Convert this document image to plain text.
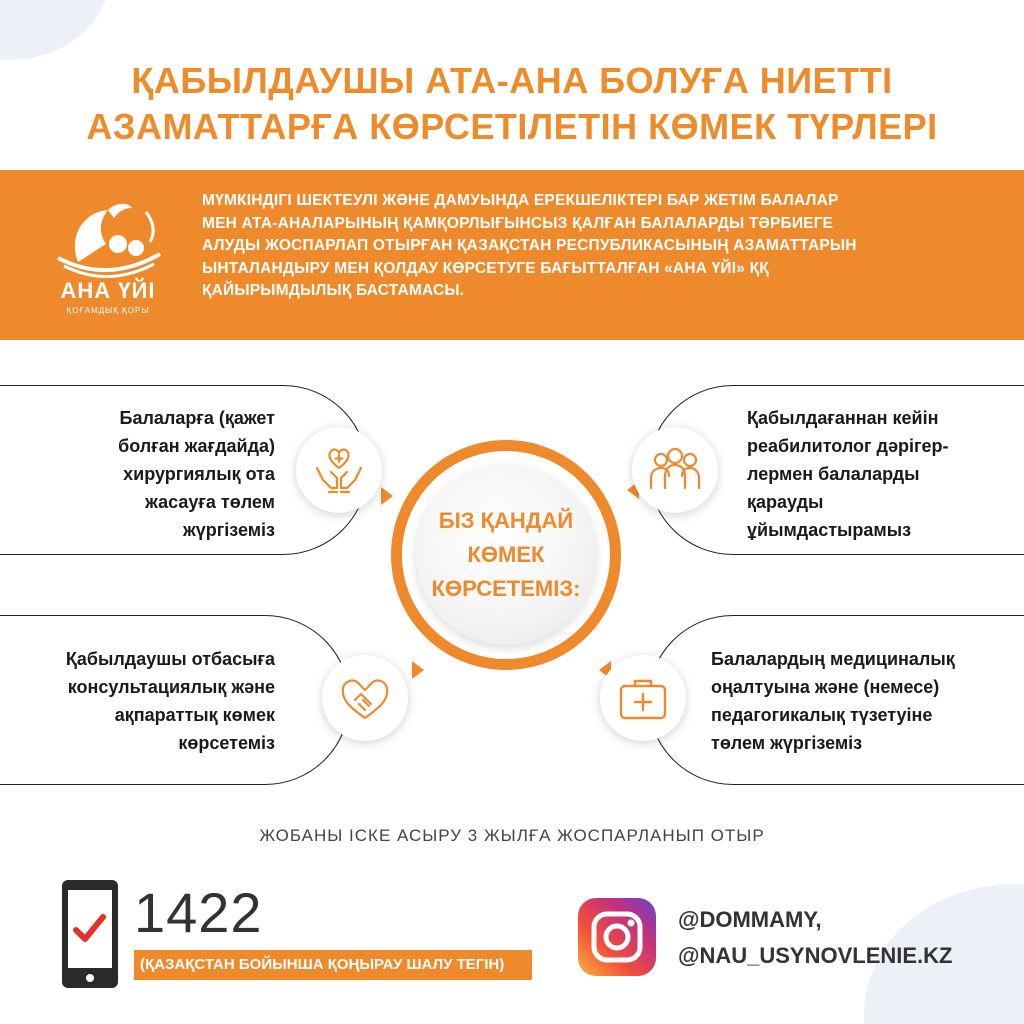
ҚАБЫЛДАУШЫ АТА-АНА БОЛУҒА НИЕТТІ
АЗАМАТТАРҒА КӨРСЕТІЛЕТІН КӨМЕК ТҮРЛЕРІ
АНА ҮЙІ
ҚОҒАМДЫҚ ҚОРЫ
МҮМКІНДІГІ ШЕКТЕУЛІ ЖӘНЕ ДАМУЫНДА ЕРЕКШЕЛІКТЕРІ БАР ЖЕТІМ БАЛАЛАР
МЕН АТА-АНАЛАРЫНЫҢ ҚАМҚОРЛЫҒЫНСЫЗ ҚАЛҒАН БАЛАЛАРДЫ ТӘРБИЕГЕ
АЛУДЫ ЖОСПАРЛАП ОТЫРҒАН ҚАЗАҚСТАН РЕСПУБЛИКАСЫНЫҢ АЗАМАТТАРЫН
ЫНТАЛАНДЫРУ МЕН ҚОЛДАУ КӨРСЕТУГЕ БАҒЫТТАЛҒАН «АНА ҮЙІ» ҚҚ
ҚАЙЫРЫМДЫЛЫҚ БАСТАМАСЫ.
Балаларға (қажет
болған жағдайда)
хирургиялық ота
жасауға төлем
жүргіземіз
Қабылдаушы отбасыға
консультациялық және
ақпараттық көмек
көрсетеміз
Қабылдағаннан кейін
реабилитолог дәрігер-
лермен балаларды
қарауды
ұйымдастырамыз
Балалардың медициналық
оңалтуына және (немесе)
педагогикалық түзетуіне
төлем жүргіземіз
БІЗ ҚАНДАЙ
КӨМЕК
КӨРСЕТЕМІЗ:
ЖОБАНЫ ІСКЕ АСЫРУ 3 ЖЫЛҒА ЖОСПАРЛАНЫП ОТЫР
1422
(ҚАЗАҚСТАН БОЙЫНША ҚОҢЫРАУ ШАЛУ ТЕГІН)
@DOMMAMY,
@NAU_USYNOVLENIE.KZ
